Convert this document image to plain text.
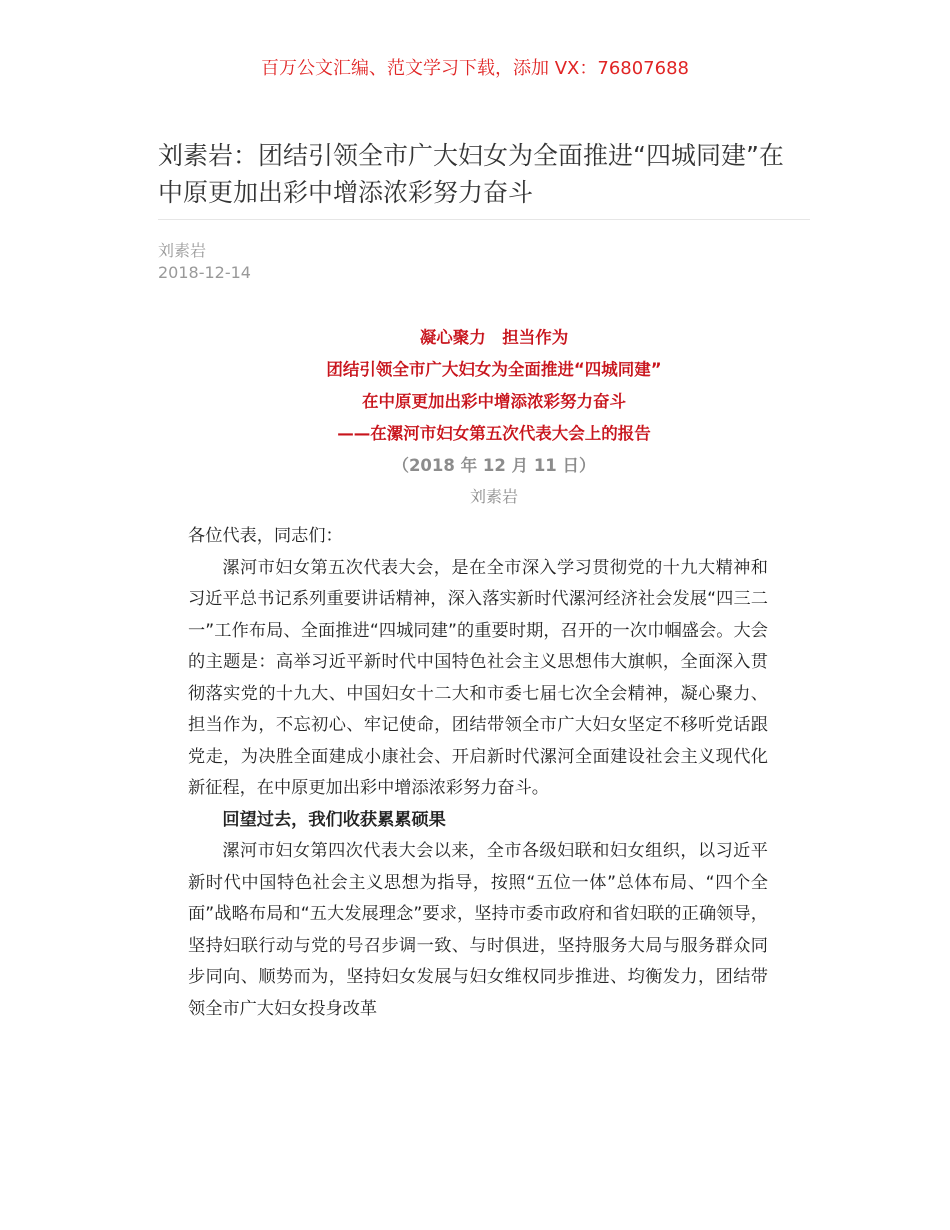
百万公文汇编、范文学习下载，添加 VX：76807688
刘素岩：团结引领全市广大妇女为全面推进“四城同建”在中原更加出彩中增添浓彩努力奋斗
刘素岩
2018-12-14
凝心聚力　担当作为
团结引领全市广大妇女为全面推进“四城同建”
在中原更加出彩中增添浓彩努力奋斗
——在漯河市妇女第五次代表大会上的报告
（2018 年 12 月 11 日）
刘素岩

各位代表，同志们：

漯河市妇女第五次代表大会，是在全市深入学习贯彻党的十九大精神和习近平总书记系列重要讲话精神，深入落实新时代漯河经济社会发展“四三二一”工作布局、全面推进“四城同建”的重要时期，召开的一次巾帼盛会。大会的主题是：高举习近平新时代中国特色社会主义思想伟大旗帜，全面深入贯彻落实党的十九大、中国妇女十二大和市委七届七次全会精神，凝心聚力、担当作为，不忘初心、牢记使命，团结带领全市广大妇女坚定不移听党话跟党走，为决胜全面建成小康社会、开启新时代漯河全面建设社会主义现代化新征程，在中原更加出彩中增添浓彩努力奋斗。

回望过去，我们收获累累硕果

漯河市妇女第四次代表大会以来，全市各级妇联和妇女组织，以习近平新时代中国特色社会主义思想为指导，按照“五位一体”总体布局、“四个全面”战略布局和“五大发展理念”要求，坚持市委市政府和省妇联的正确领导，坚持妇联行动与党的号召步调一致、与时俱进，坚持服务大局与服务群众同步同向、顺势而为，坚持妇女发展与妇女维权同步推进、均衡发力，团结带领全市广大妇女投身改革
